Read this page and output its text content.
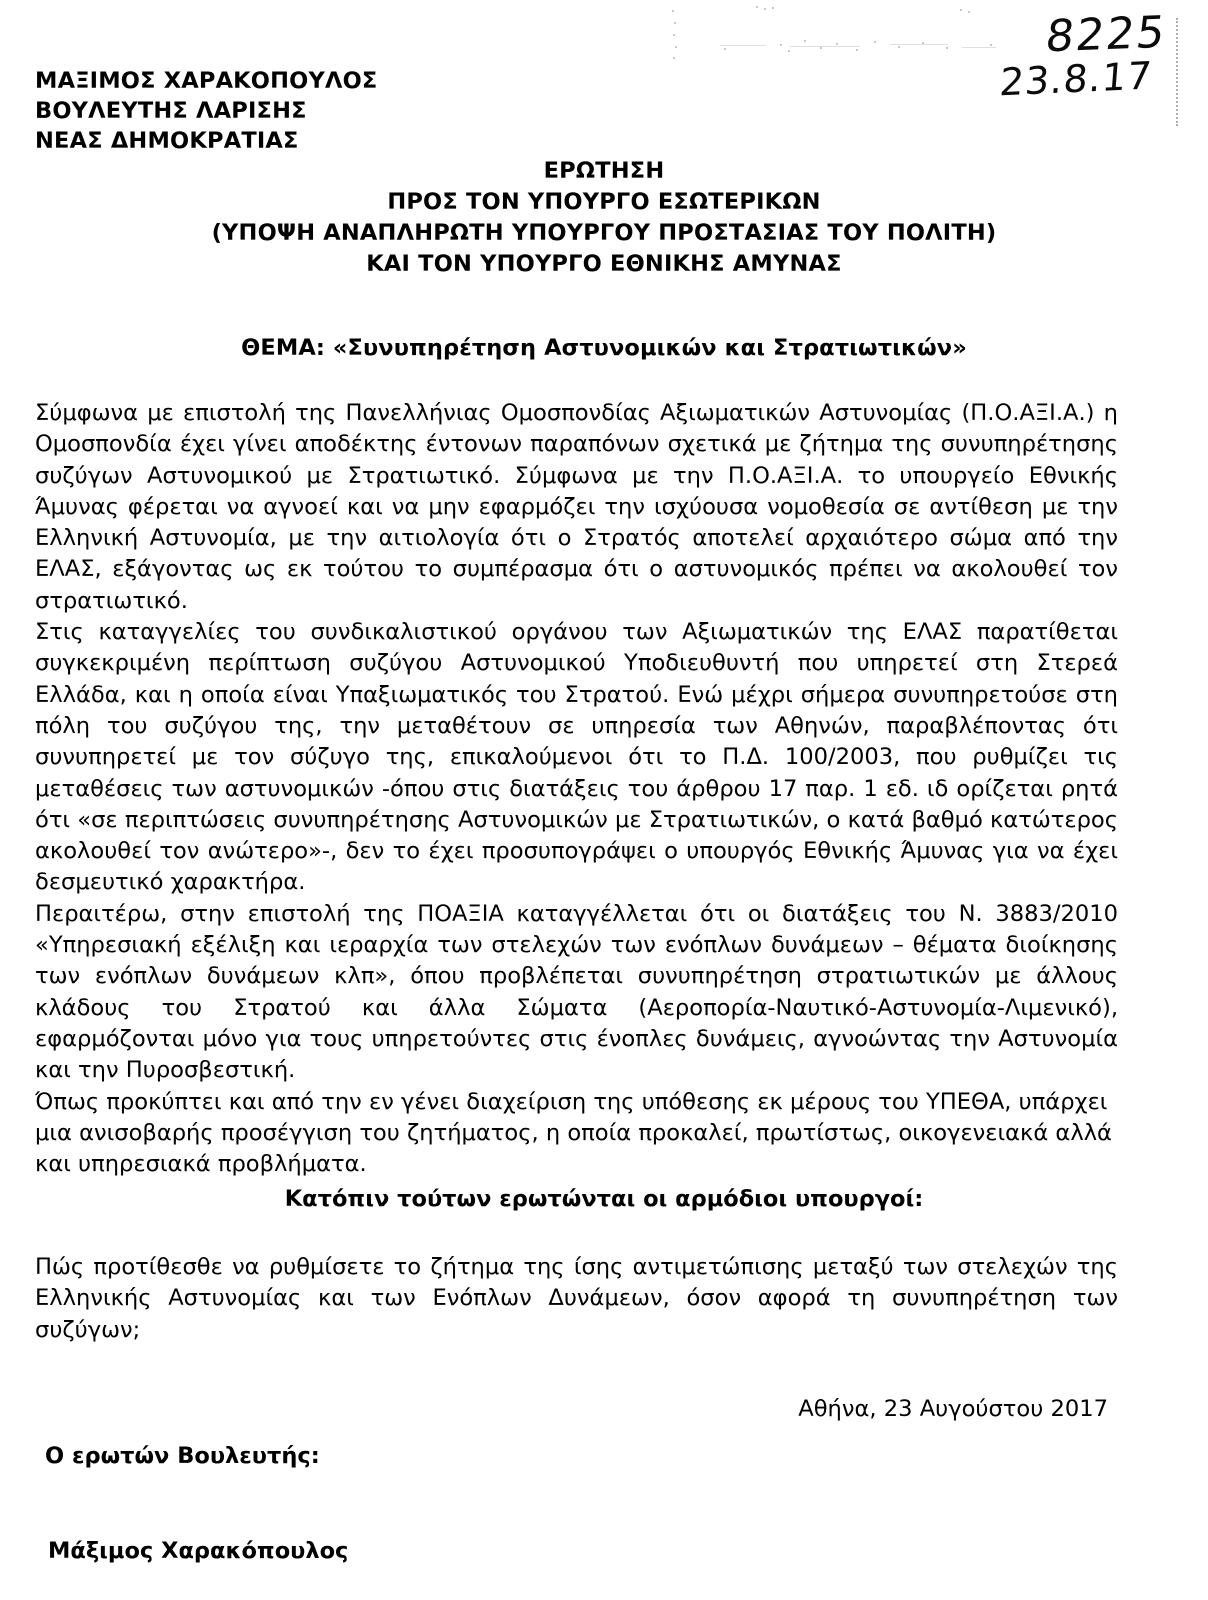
8225
23.8.17
ΜΑΞΙΜΟΣ ΧΑΡΑΚΟΠΟΥΛΟΣ
ΒΟΥΛΕΥΤΗΣ ΛΑΡΙΣΗΣ
ΝΕΑΣ ΔΗΜΟΚΡΑΤΙΑΣ
ΕΡΩΤΗΣΗ
ΠΡΟΣ ΤΟΝ ΥΠΟΥΡΓΟ ΕΣΩΤΕΡΙΚΩΝ
(ΥΠΟΨΗ ΑΝΑΠΛΗΡΩΤΗ ΥΠΟΥΡΓΟΥ ΠΡΟΣΤΑΣΙΑΣ ΤΟΥ ΠΟΛΙΤΗ)
ΚΑΙ ΤΟΝ ΥΠΟΥΡΓΟ ΕΘΝΙΚΗΣ ΑΜΥΝΑΣ
ΘΕΜΑ: «Συνυπηρέτηση Αστυνομικών και Στρατιωτικών»

Σύμφωνα με επιστολή της Πανελλήνιας Ομοσπονδίας Αξιωματικών Αστυνομίας (Π.Ο.ΑΞΙ.Α.) η Ομοσπονδία έχει γίνει αποδέκτης έντονων παραπόνων σχετικά με ζήτημα της συνυπηρέτησης συζύγων Αστυνομικού με Στρατιωτικό. Σύμφωνα με την Π.Ο.ΑΞΙ.Α. το υπουργείο Εθνικής Άμυνας φέρεται να αγνοεί και να μην εφαρμόζει την ισχύουσα νομοθεσία σε αντίθεση με την Ελληνική Αστυνομία, με την αιτιολογία ότι ο Στρατός αποτελεί αρχαιότερο σώμα από την ΕΛΑΣ, εξάγοντας ως εκ τούτου το συμπέρασμα ότι ο αστυνομικός πρέπει να ακολουθεί τον στρατιωτικό.

Στις καταγγελίες του συνδικαλιστικού οργάνου των Αξιωματικών της ΕΛΑΣ παρατίθεται συγκεκριμένη περίπτωση συζύγου Αστυνομικού Υποδιευθυντή που υπηρετεί στη Στερεά Ελλάδα, και η οποία είναι Υπαξιωματικός του Στρατού. Ενώ μέχρι σήμερα συνυπηρετούσε στη πόλη του συζύγου της, την μεταθέτουν σε υπηρεσία των Αθηνών, παραβλέποντας ότι συνυπηρετεί με τον σύζυγο της, επικαλούμενοι ότι το Π.Δ. 100/2003, που ρυθμίζει τις μεταθέσεις των αστυνομικών -όπου στις διατάξεις του άρθρου 17 παρ. 1 εδ. ιδ ορίζεται ρητά ότι «σε περιπτώσεις συνυπηρέτησης Αστυνομικών με Στρατιωτικών, ο κατά βαθμό κατώτερος ακολουθεί τον ανώτερο»-, δεν το έχει προσυπογράψει ο υπουργός Εθνικής Άμυνας για να έχει δεσμευτικό χαρακτήρα.

Περαιτέρω, στην επιστολή της ΠΟΑΞΙΑ καταγγέλλεται ότι οι διατάξεις του Ν. 3883/2010 «Υπηρεσιακή εξέλιξη και ιεραρχία των στελεχών των ενόπλων δυνάμεων – θέματα διοίκησης των ενόπλων δυνάμεων κλπ», όπου προβλέπεται συνυπηρέτηση στρατιωτικών με άλλους κλάδους του Στρατού και άλλα Σώματα (Αεροπορία-Ναυτικό-Αστυνομία-Λιμενικό), εφαρμόζονται μόνο για τους υπηρετούντες στις ένοπλες δυνάμεις, αγνοώντας την Αστυνομία και την Πυροσβεστική.

Όπως προκύπτει και από την εν γένει διαχείριση της υπόθεσης εκ μέρους του ΥΠΕΘΑ, υπάρχει μια ανισοβαρής προσέγγιση του ζητήματος, η οποία προκαλεί, πρωτίστως, οικογενειακά αλλά και υπηρεσιακά προβλήματα.

Κατόπιν τούτων ερωτώνται οι αρμόδιοι υπουργοί:

Πώς προτίθεσθε να ρυθμίσετε το ζήτημα της ίσης αντιμετώπισης μεταξύ των στελεχών της Ελληνικής Αστυνομίας και των Ενόπλων Δυνάμεων, όσον αφορά τη συνυπηρέτηση των συζύγων;

Αθήνα, 23 Αυγούστου 2017
Ο ερωτών Βουλευτής:
Μάξιμος Χαρακόπουλος
